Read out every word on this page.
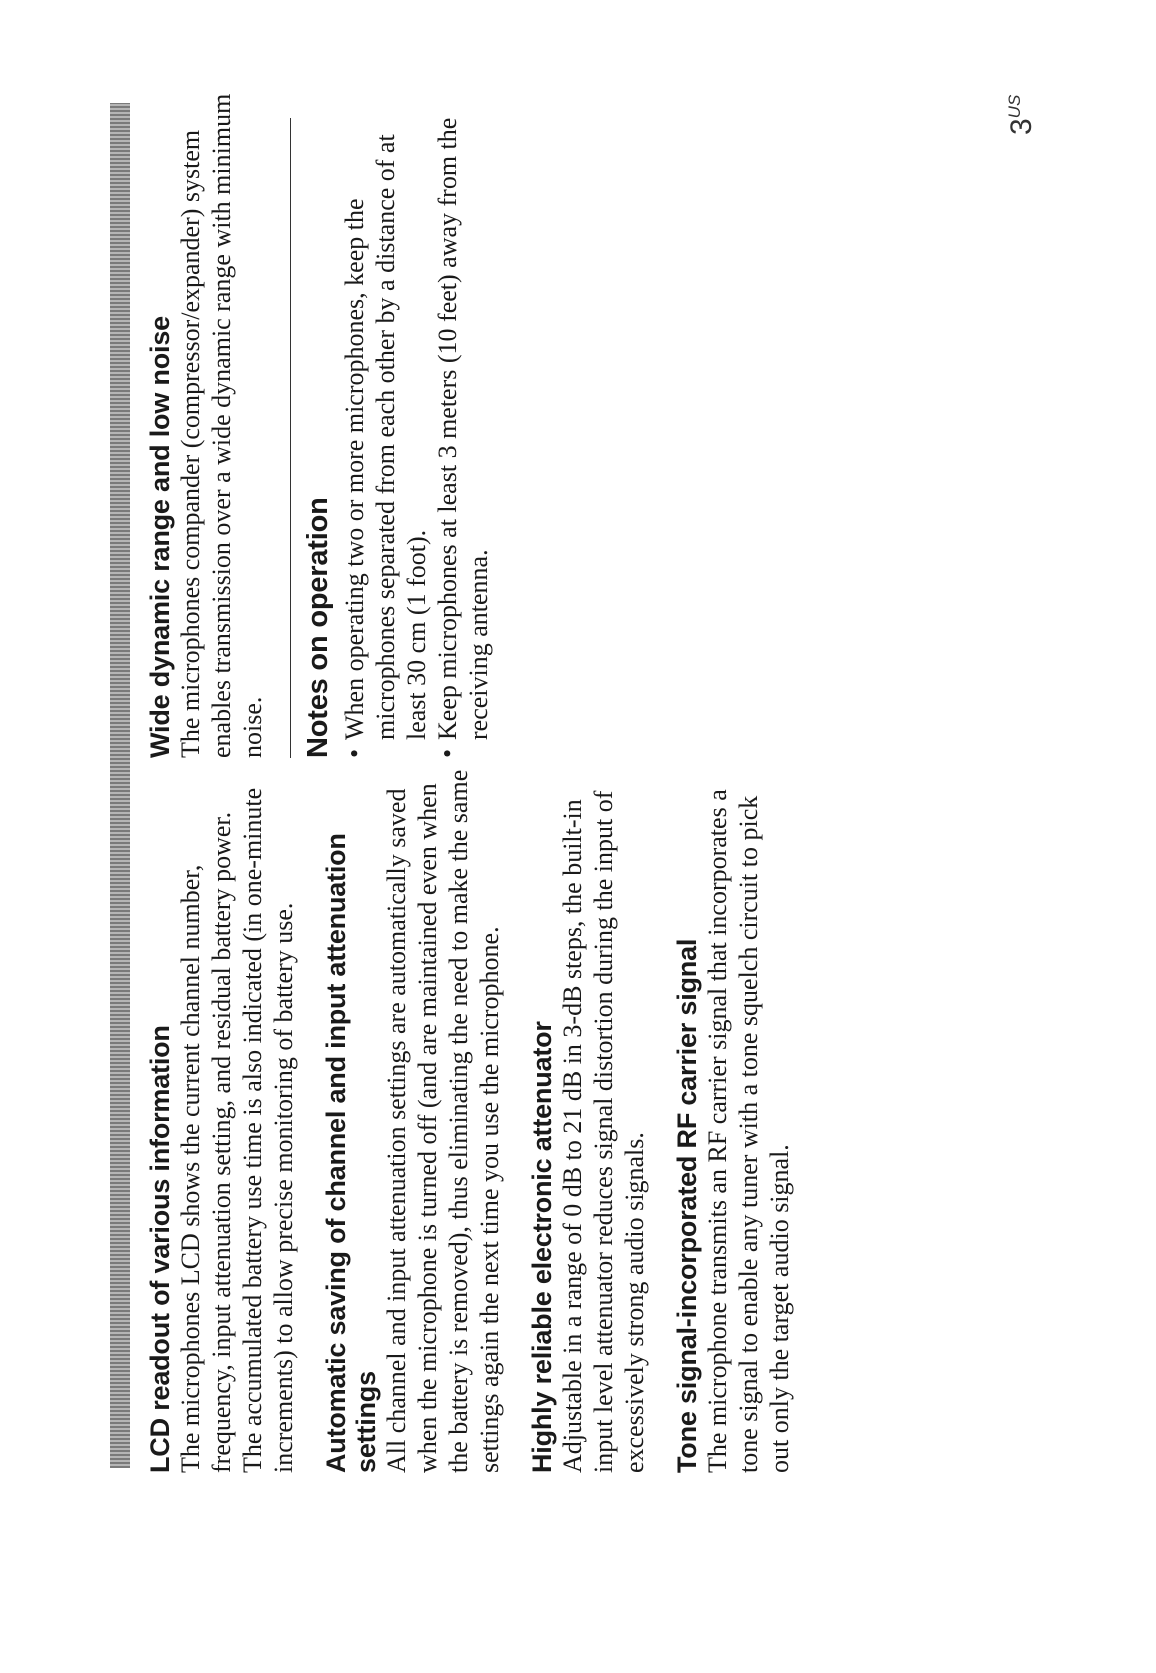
LCD readout of various information The microphones LCD shows the current channel number, frequency, input attenuation setting, and residual battery power. The accumulated battery use time is also indicated (in one-minute increments) to allow precise monitoring of battery use. Automatic saving of channel and input attenuation settings All channel and input attenuation settings are automatically saved when the microphone is turned off (and are maintained even when the battery is removed), thus eliminating the need to make the same settings again the next time you use the microphone. Highly reliable electronic attenuator Adjustable in a range of 0 dB to 21 dB in 3-dB steps, the built-in input level attenuator reduces signal distortion during the input of excessively strong audio signals. Tone signal-incorporated RF carrier signal The microphone transmits an RF carrier signal that incorporates a tone signal to enable any tuner with a tone squelch circuit to pick out only the target audio signal.

Wide dynamic range and low noise The microphones compander (compressor/expander) system enables transmission over a wide dynamic range with minimum noise. Notes on operation •
When operating two or more microphones, keep the microphones separated from each other by a distance of at least 30 cm (1 foot).
•
Keep microphones at least 3 meters (10 feet) away from the receiving antenna.
$3^{US}$
